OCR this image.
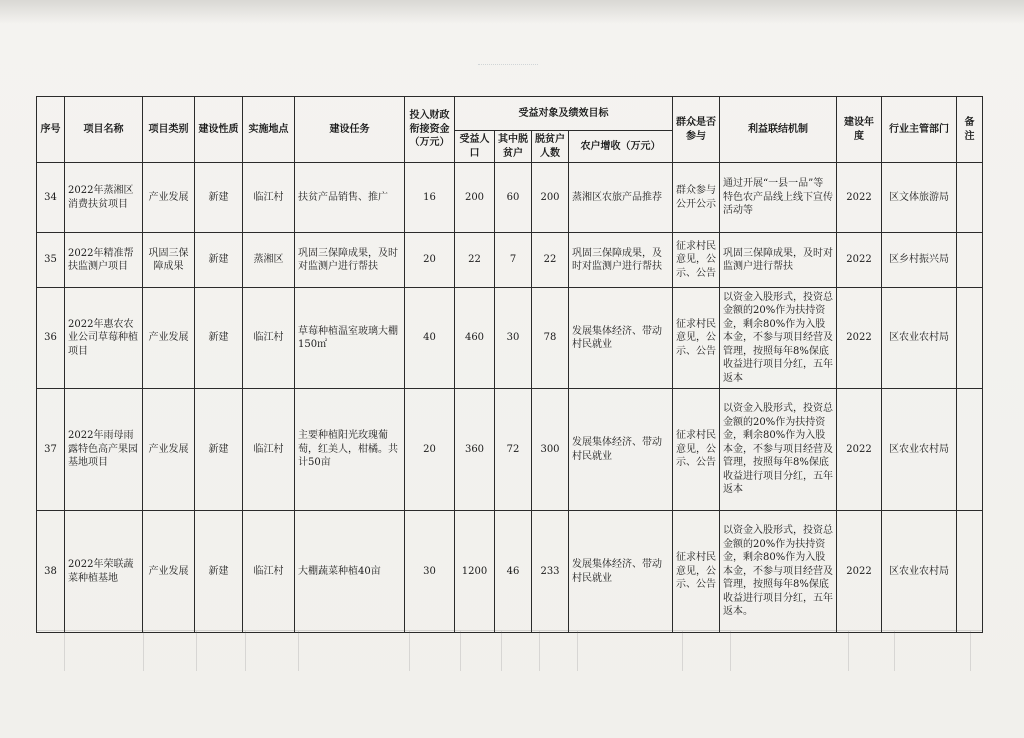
序号	项目名称	项目类别	建设性质	实施地点	建设任务	投入财政衔接资金（万元）	受益对象及绩效目标				群众是否参与	利益联结机制	建设年度	行业主管部门	备注
							受益人口	其中脱贫户	脱贫户人数	农户增收（万元）					
34	2022年蒸湘区消费扶贫项目	产业发展	新建	临江村	扶贫产品销售、推广	16	200	60	200	蒸湘区农旅产品推荐	群众参与公开公示	通过开展“一县一品”等特色农产品线上线下宣传活动等	2022	区文体旅游局	
35	2022年精准帮扶监测户项目	巩固三保障成果	新建	蒸湘区	巩固三保障成果，及时对监测户进行帮扶	20	22	7	22	巩固三保障成果，及时对监测户进行帮扶	征求村民意见，公示、公告	巩固三保障成果，及时对监测户进行帮扶	2022	区乡村振兴局	
36	2022年惠农农业公司草莓种植项目	产业发展	新建	临江村	草莓种植温室玻璃大棚150㎡	40	460	30	78	发展集体经济、带动村民就业	征求村民意见，公示、公告	以资金入股形式，投资总金额的20%作为扶持资金，剩余80%作为入股本金，不参与项目经营及管理，按照每年8%保底收益进行项目分红，五年返本	2022	区农业农村局	
37	2022年雨母雨露特色高产果园基地项目	产业发展	新建	临江村	主要种植阳光玫瑰葡萄，红美人，柑橘。共计50亩	20	360	72	300	发展集体经济、带动村民就业	征求村民意见，公示、公告	以资金入股形式，投资总金额的20%作为扶持资金，剩余80%作为入股本金，不参与项目经营及管理，按照每年8%保底收益进行项目分红，五年返本	2022	区农业农村局	
38	2022年荣联蔬菜种植基地	产业发展	新建	临江村	大棚蔬菜种植40亩	30	1200	46	233	发展集体经济、带动村民就业	征求村民意见，公示、公告	以资金入股形式，投资总金额的20%作为扶持资金，剩余80%作为入股本金，不参与项目经营及管理，按照每年8%保底收益进行项目分红，五年返本。	2022	区农业农村局	
